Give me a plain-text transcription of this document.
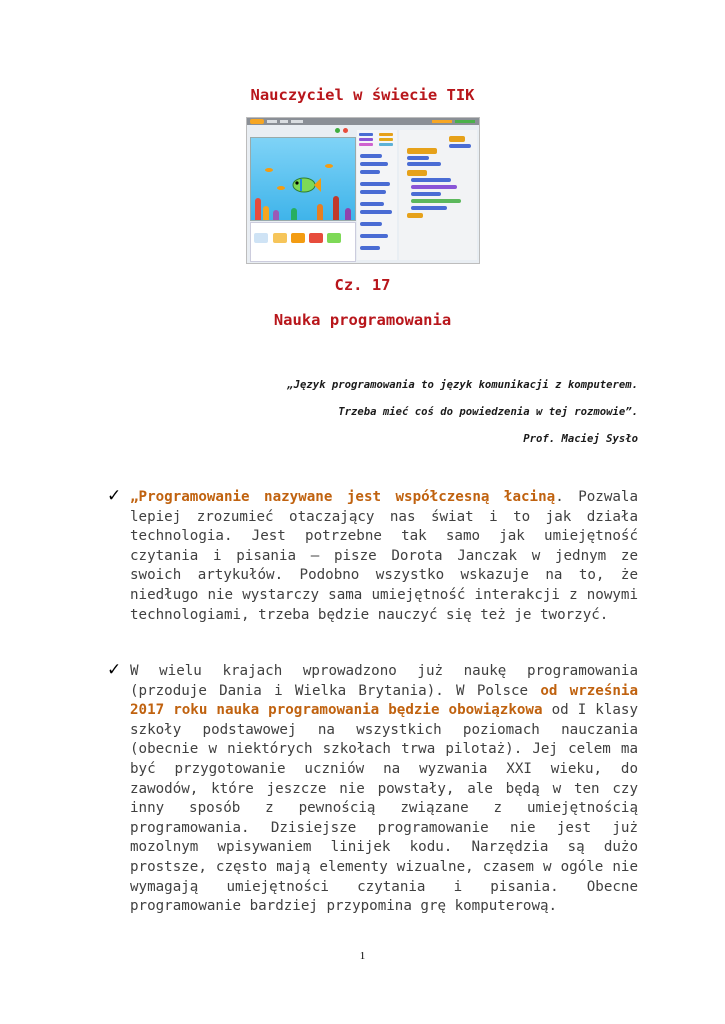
Nauczyciel w świecie TIK
Cz. 17
Nauka programowania
„Język programowania to język komunikacji z komputerem.
Trzeba mieć coś do powiedzenia w tej rozmowie”.
Prof. Maciej Sysło
✓ „Programowanie nazywane jest współczesną łaciną. Pozwala lepiej zrozumieć otaczający nas świat i to jak działa technologia. Jest potrzebne tak samo jak umiejętność czytania i pisania – pisze Dorota Janczak w jednym ze swoich artykułów. Podobno wszystko wskazuje na to, że niedługo nie wystarczy sama umiejętność interakcji z nowymi technologiami, trzeba będzie nauczyć się też je tworzyć.
✓ W wielu krajach wprowadzono już naukę programowania (przoduje Dania i Wielka Brytania). W Polsce od września 2017 roku nauka programowania będzie obowiązkowa od I klasy szkoły podstawowej na wszystkich poziomach nauczania (obecnie w niektórych szkołach trwa pilotaż). Jej celem ma być przygotowanie uczniów na wyzwania XXI wieku, do zawodów, które jeszcze nie powstały, ale będą w ten czy inny sposób z pewnością związane z umiejętnością programowania. Dzisiejsze programowanie nie jest już mozolnym wpisywaniem linijek kodu. Narzędzia są dużo prostsze, często mają elementy wizualne, czasem w ogóle nie wymagają umiejętności czytania i pisania. Obecne programowanie bardziej przypomina grę komputerową.
1
